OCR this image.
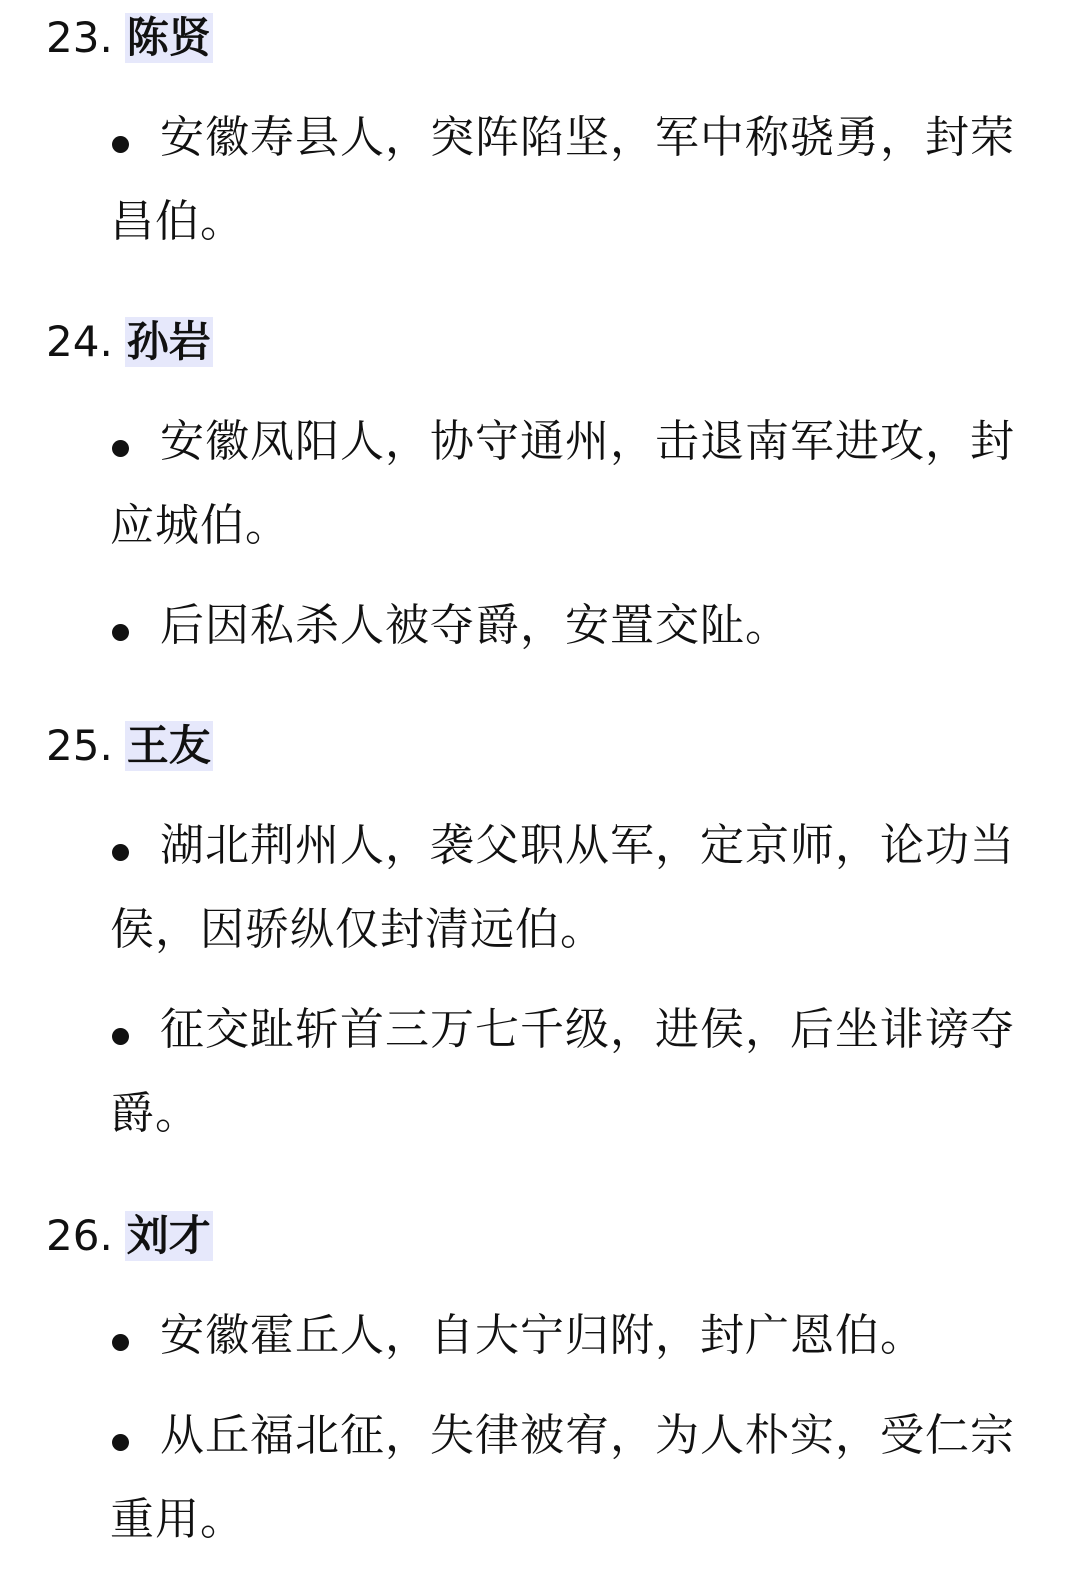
23. 陈贤
安徽寿县人，突阵陷坚，军中称骁勇，封荣昌伯。
24. 孙岩
安徽凤阳人，协守通州，击退南军进攻，封应城伯。
后因私杀人被夺爵，安置交阯。
25. 王友
湖北荆州人，袭父职从军，定京师，论功当侯，因骄纵仅封清远伯。
征交趾斩首三万七千级，进侯，后坐诽谤夺爵。
26. 刘才
安徽霍丘人，自大宁归附，封广恩伯。
从丘福北征，失律被宥，为人朴实，受仁宗重用。
